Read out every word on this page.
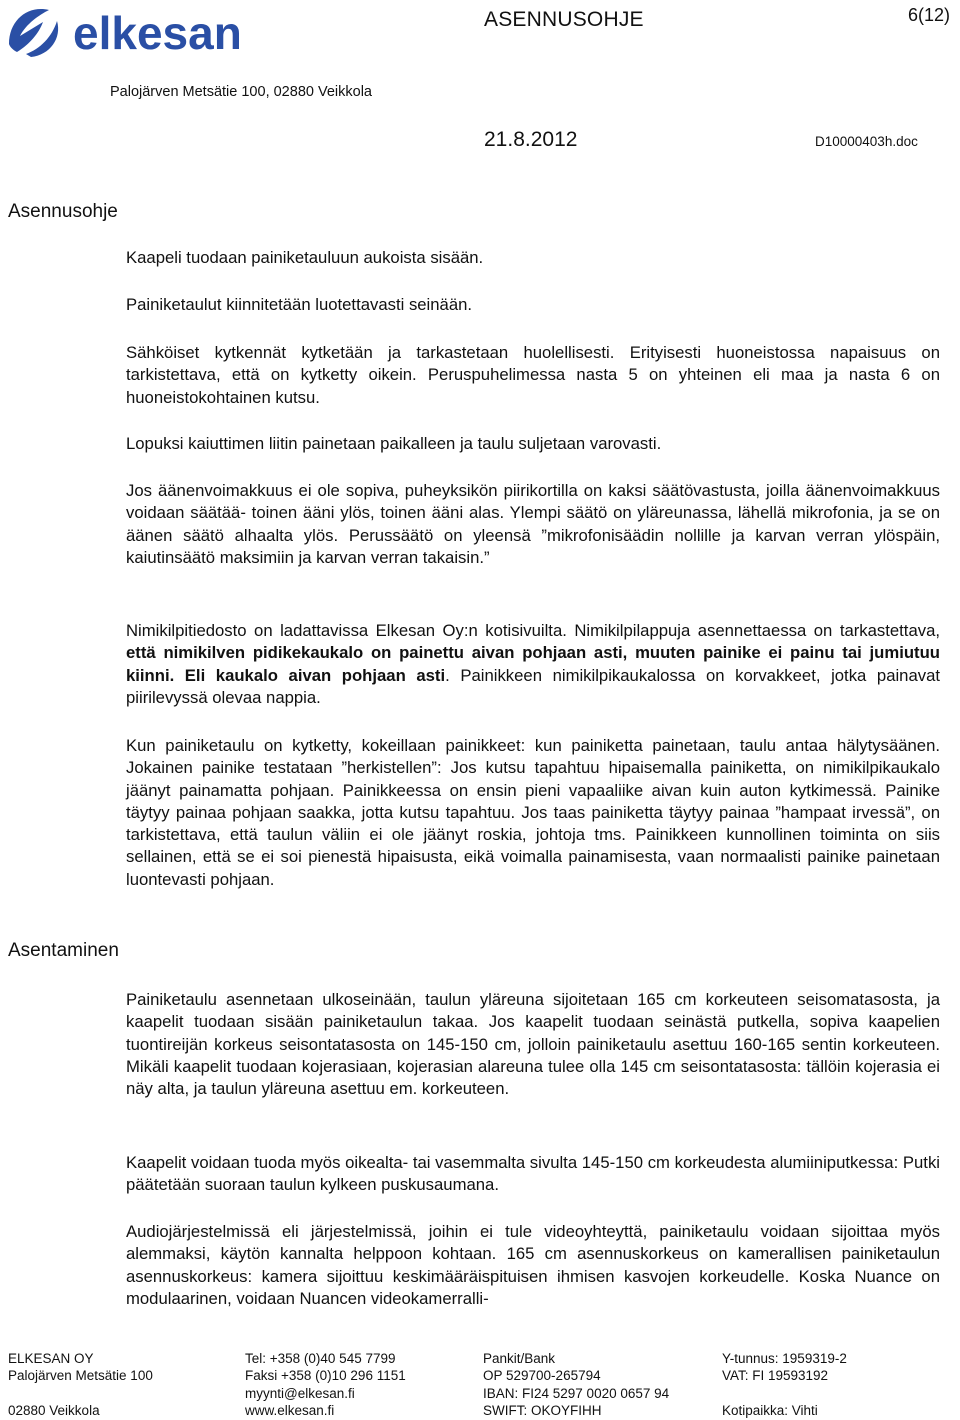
elkesan	ASENNUSOHJE	6(12)
Palojärven Metsätie 100, 02880 Veikkola
21.8.2012	D10000403h.doc
Asennusohje
Asentaminen
Kaapeli tuodaan painiketauluun aukoista sisään.
Painiketaulut kiinnitetään luotettavasti seinään.
Sähköiset kytkennät kytketään ja tarkastetaan huolellisesti. Erityisesti huoneistossa napaisuus on tarkistettava, että on kytketty oikein. Peruspuhelimessa nasta 5 on yhteinen eli maa ja nasta 6 on huoneistokohtainen kutsu.
Lopuksi kaiuttimen liitin painetaan paikalleen ja taulu suljetaan varovasti.
Jos äänenvoimakkuus ei ole sopiva, puheyksikön piirikortilla on kaksi säätövastusta, joilla äänenvoimakkuus voidaan säätää- toinen ääni ylös, toinen ääni alas. Ylempi säätö on yläreunassa, lähellä mikrofonia, ja se on äänen säätö alhaalta ylös. Perussäätö on yleensä ”mikrofonisäädin nollille ja karvan verran ylöspäin, kaiutinsäätö maksimiin ja karvan verran takaisin.”
Nimikilpitiedosto on ladattavissa Elkesan Oy:n kotisivuilta. Nimikilpilappuja asennettaessa on tarkastettava, että nimikilven pidikekaukalo on painettu aivan pohjaan asti, muuten painike ei painu tai jumiutuu kiinni. Eli kaukalo aivan pohjaan asti. Painikkeen nimikilpikaukalossa on korvakkeet, jotka painavat piirilevyssä olevaa nappia.
Kun painiketaulu on kytketty, kokeillaan painikkeet: kun painiketta painetaan, taulu antaa hälytysäänen. Jokainen painike testataan ”herkistellen”: Jos kutsu tapahtuu hipaisemalla painiketta, on nimikilpikaukalo jäänyt painamatta pohjaan. Painikkeessa on ensin pieni vapaaliike aivan kuin auton kytkimessä. Painike täytyy painaa pohjaan saakka, jotta kutsu tapahtuu. Jos taas painiketta täytyy painaa ”hampaat irvessä”, on tarkistettava, että taulun väliin ei ole jäänyt roskia, johtoja tms. Painikkeen kunnollinen toiminta on siis sellainen, että se ei soi pienestä hipaisusta, eikä voimalla painamisesta, vaan normaalisti painike painetaan luontevasti pohjaan.
Painiketaulu asennetaan ulkoseinään, taulun yläreuna sijoitetaan 165 cm korkeuteen seisomatasosta, ja kaapelit tuodaan sisään painiketaulun takaa. Jos kaapelit tuodaan seinästä putkella, sopiva kaapelien tuontireijän korkeus seisontatasosta on 145-150 cm, jolloin painiketaulu asettuu 160-165 sentin korkeuteen. Mikäli kaapelit tuodaan kojerasiaan, kojerasian alareuna tulee olla 145 cm seisontatasosta: tällöin kojerasia ei näy alta, ja taulun yläreuna asettuu em. korkeuteen.
Kaapelit voidaan tuoda myös oikealta- tai vasemmalta sivulta 145-150 cm korkeudesta alumiiniputkessa: Putki päätetään suoraan taulun kylkeen puskusaumana.
Audiojärjestelmissä eli järjestelmissä, joihin ei tule videoyhteyttä, painiketaulu voidaan sijoittaa myös alemmaksi, käytön kannalta helppoon kohtaan. 165 cm asennuskorkeus on kamerallisen painiketaulun asennuskorkeus: kamera sijoittuu keskimääräispituisen ihmisen kasvojen korkeudelle. Koska Nuance on modulaarinen, voidaan Nuancen videokamerralli-
ELKESAN OY
Palojärven Metsätie 100
02880 Veikkola
Tel: +358 (0)40 545 7799
Faksi +358 (0)10 296 1151
myynti@elkesan.fi
www.elkesan.fi
Pankit/Bank
OP 529700-265794
IBAN: FI24 5297 0020 0657 94
SWIFT: OKOYFIHH
Y-tunnus: 1959319-2
VAT: FI 19593192
Kotipaikka: Vihti
